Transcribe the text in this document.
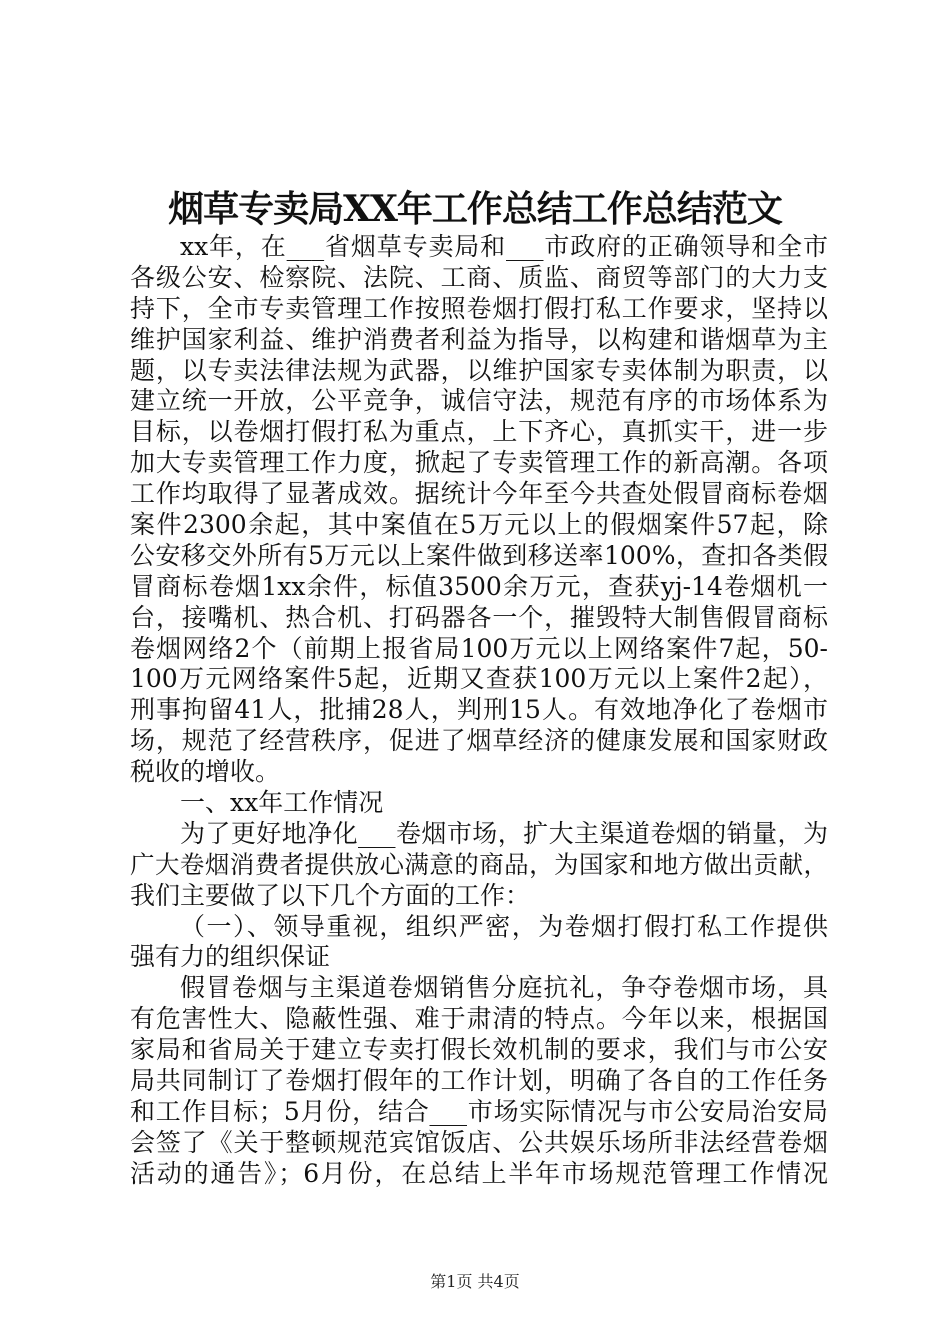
烟草专卖局XX年工作总结工作总结范文
xx年，在___省烟草专卖局和___市政府的正确领导和全市
各级公安、检察院、法院、工商、质监、商贸等部门的大力支
持下，全市专卖管理工作按照卷烟打假打私工作要求，坚持以
维护国家利益、维护消费者利益为指导，以构建和谐烟草为主
题，以专卖法律法规为武器，以维护国家专卖体制为职责，以
建立统一开放，公平竞争，诚信守法，规范有序的市场体系为
目标，以卷烟打假打私为重点，上下齐心，真抓实干，进一步
加大专卖管理工作力度，掀起了专卖管理工作的新高潮。各项
工作均取得了显著成效。据统计今年至今共查处假冒商标卷烟
案件2300余起，其中案值在5万元以上的假烟案件57起，除
公安移交外所有5万元以上案件做到移送率100%，查扣各类假
冒商标卷烟1xx余件，标值3500余万元，查获yj-14卷烟机一
台，接嘴机、热合机、打码器各一个，摧毁特大制售假冒商标
卷烟网络2个（前期上报省局100万元以上网络案件7起，50-
100万元网络案件5起，近期又查获100万元以上案件2起），
刑事拘留41人，批捕28人，判刑15人。有效地净化了卷烟市
场，规范了经营秩序，促进了烟草经济的健康发展和国家财政
税收的增收。
一、xx年工作情况
为了更好地净化___卷烟市场，扩大主渠道卷烟的销量，为
广大卷烟消费者提供放心满意的商品，为国家和地方做出贡献，
我们主要做了以下几个方面的工作：
（一）、领导重视，组织严密，为卷烟打假打私工作提供
强有力的组织保证
假冒卷烟与主渠道卷烟销售分庭抗礼，争夺卷烟市场，具
有危害性大、隐蔽性强、难于肃清的特点。今年以来，根据国
家局和省局关于建立专卖打假长效机制的要求，我们与市公安
局共同制订了卷烟打假年的工作计划，明确了各自的工作任务
和工作目标；5月份，结合___市场实际情况与市公安局治安局
会签了《关于整顿规范宾馆饭店、公共娱乐场所非法经营卷烟
活动的通告》；6月份，在总结上半年市场规范管理工作情况
第1页 共4页
